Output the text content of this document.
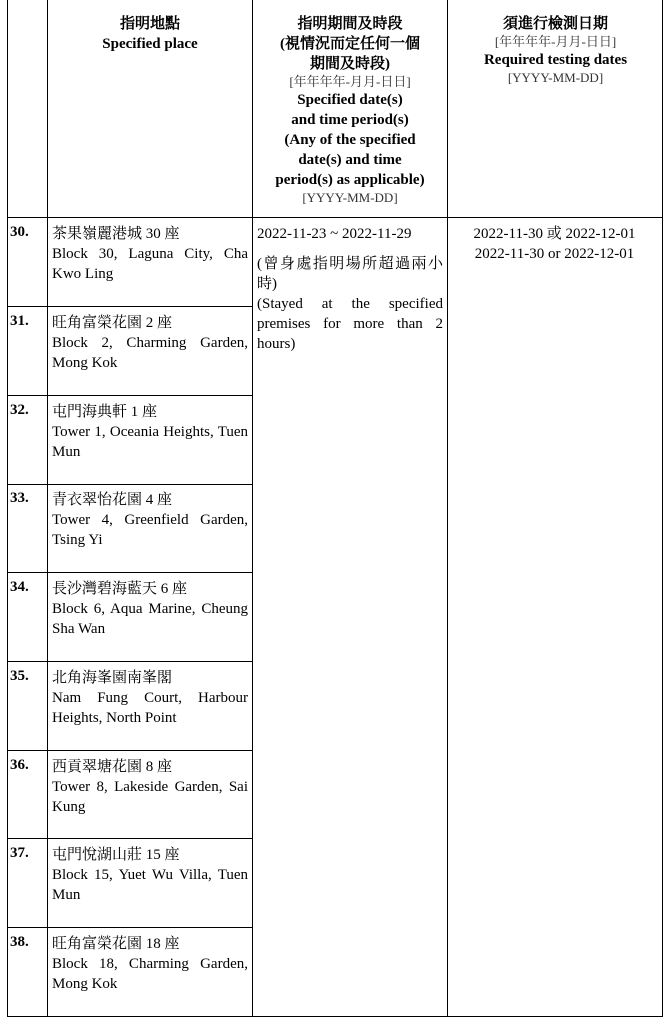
指明地點
Specified place
指明期間及時段
(視情況而定任何一個
期間及時段)
[年年年年-月月-日日]
Specified date(s)
and time period(s)
(Any of the specified
date(s) and time
period(s) as applicable)
[YYYY-MM-DD]
須進行檢測日期
[年年年年-月月-日日]
Required testing dates
[YYYY-MM-DD]
30.	茶果嶺麗港城 30 座
Block 30, Laguna City, Cha Kwo Ling
31.	旺角富榮花園 2 座
Block 2, Charming Garden, Mong Kok
32.	屯門海典軒 1 座
Tower 1, Oceania Heights, Tuen Mun
33.	青衣翠怡花園 4 座
Tower 4, Greenfield Garden, Tsing Yi
34.	長沙灣碧海藍天 6 座
Block 6, Aqua Marine, Cheung Sha Wan
35.	北角海峯園南峯閣
Nam Fung Court, Harbour Heights, North Point
36.	西貢翠塘花園 8 座
Tower 8, Lakeside Garden, Sai Kung
37.	屯門悅湖山莊 15 座
Block 15, Yuet Wu Villa, Tuen Mun
38.	旺角富榮花園 18 座
Block 18, Charming Garden, Mong Kok

2022-11-23 ~ 2022-11-29

(曾身處指明場所超過兩小時)

(Stayed at the specified premises for more than 2 hours)

2022-11-30 或 2022-12-01
2022-11-30 or 2022-12-01
